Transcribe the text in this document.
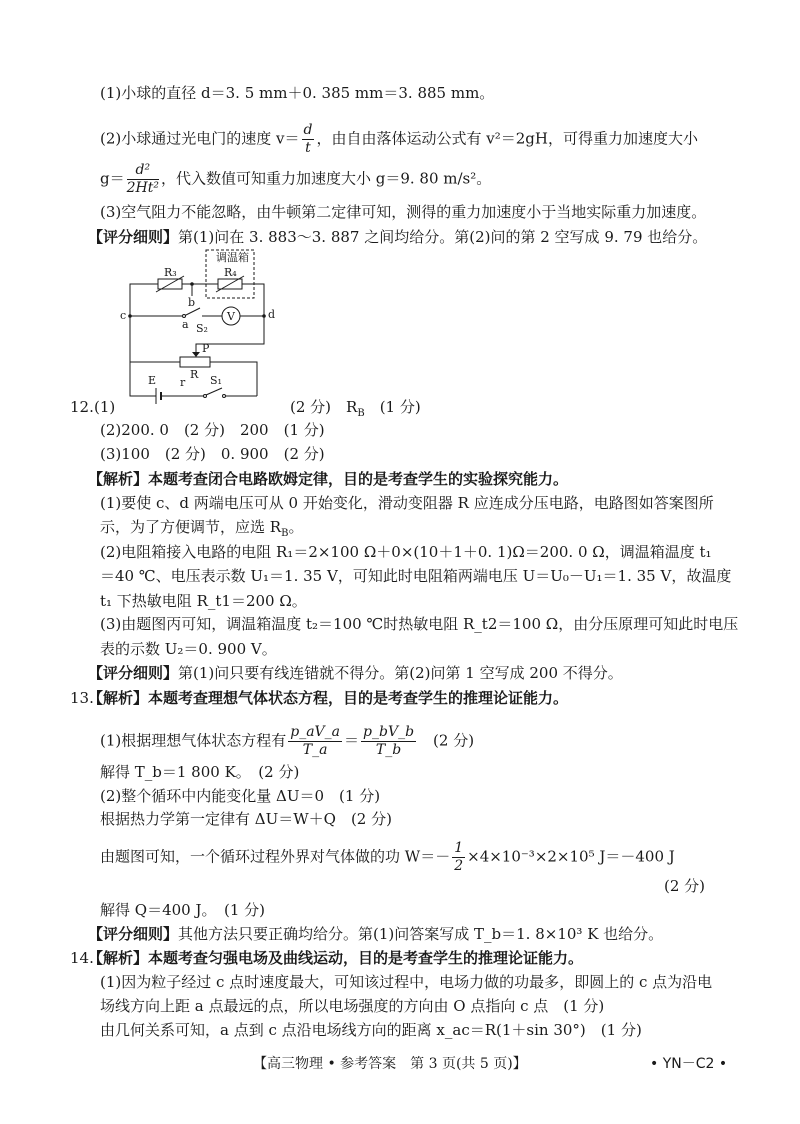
(1)小球的直径 d＝3. 5 mm＋0. 385 mm＝3. 885 mm。
(2)小球通过光电门的速度 $v= \frac{d}{t}$ ，由自由落体运动公式有 v²＝2gH，可得重力加速度大小
$g= \frac{\text{d²}}{\text{2Ht²}}$ ，代入数值可知重力加速度大小 g＝9. 80 m/s²。
(3)空气阻力不能忽略，由牛顿第二定律可知，测得的重力加速度小于当地实际重力加速度。
【评分细则】第(1)问在 3. 883～3. 887 之间均给分。第(2)问的第 2 空写成 9. 79 也给分。
调温箱
R₃	R₄
b
c
a S₂
V	d
P
R
E r S₁
12. (1)	(2 分)　$R_B$　 (1 分)
(2)200. 0　(2 分)　200　(1 分)
(3)100　(2 分)　0. 900　(2 分)
【解析】本题考查闭合电路欧姆定律，目的是考查学生的实验探究能力。
(1)要使 c、d 两端电压可从 0 开始变化，滑动变阻器 R 应连成分压电路，电路图如答案图所
示，为了方便调节，应选 $R_B$。
(2)电阻箱接入电路的电阻 R₁＝2×100 Ω＋0×(10＋1＋0. 1)Ω＝200. 0 Ω，调温箱温度 t₁
＝40 ℃、电压表示数 U₁＝1. 35 V，可知此时电阻箱两端电压 U＝U₀－U₁＝1. 35 V，故温度
t₁ 下热敏电阻 R_t1＝200 Ω。
(3)由题图丙可知，调温箱温度 t₂＝100 ℃时热敏电阻 R_t2＝100 Ω，由分压原理可知此时电压
表的示数 U₂＝0. 900 V。
【评分细则】第(1)问只要有线连错就不得分。第(2)问第 1 空写成 200 不得分。
13.
【解析】本题考查理想气体状态方程，目的是考查学生的推理论证能力。
(1)根据理想气体状态方程有 $\frac{p\_aV\_a}{T\_a} = \frac{p\_bV\_b}{T\_b}$
　 (2 分)
解得 T_b＝1 800 K。　(2 分)
(2)整个循环中内能变化量 ΔU＝0　(1 分)
根据热力学第一定律有 ΔU＝W＋Q　(2 分)
由题图可知，一个循环过程外界对气体做的功 $W=- \frac{1}{2} \times 4\times 10^{-3}\times 2\times 10^5$ J＝－400 J
(2 分)
解得 Q＝400 J。　(1 分)
【评分细则】其他方法只要正确均给分。第(1)问答案写成 T_b＝1. 8×10³ K 也给分。
14.
【解析】本题考查匀强电场及曲线运动，目的是考查学生的推理论证能力。
(1)因为粒子经过 c 点时速度最大，可知该过程中，电场力做的功最多，即圆上的 c 点为沿电
场线方向上距 a 点最远的点，所以电场强度的方向由 O 点指向 c 点　(1 分)
由几何关系可知，a 点到 c 点沿电场线方向的距离 x_ac＝R(1＋sin 30°)　(1 分)
【高三物理 • 参考答案　第 3 页(共 5 页)】	• YN－C2 •
